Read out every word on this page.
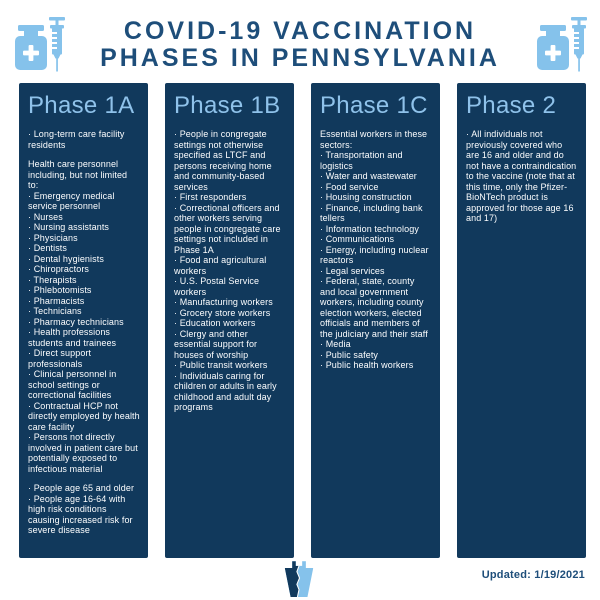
COVID-19 VACCINATION
PHASES IN PENNSYLVANIA
Phase 1A
· Long-term care facility residents
Health care personnel including, but not limited to:
· Emergency medical service personnel
· Nurses
· Nursing assistants
· Physicians
· Dentists
· Dental hygienists
· Chiropractors
· Therapists
· Phlebotomists
· Pharmacists
· Technicians
· Pharmacy technicians
· Health professions students and trainees
· Direct support professionals
· Clinical personnel in school settings or correctional facilities
· Contractual HCP not directly employed by health care facility
· Persons not directly involved in patient care but potentially exposed to infectious material
· People age 65 and older
· People age 16-64 with high risk conditions causing increased risk for severe disease
Phase 1B
· People in congregate settings not otherwise specified as LTCF and persons receiving home and community-based services
· First responders
· Correctional officers and other workers serving people in congregate care settings not included in Phase 1A
· Food and agricultural workers
· U.S. Postal Service workers
· Manufacturing workers
· Grocery store workers
· Education workers
· Clergy and other essential support for houses of worship
· Public transit workers
· Individuals caring for children or adults in early childhood and adult day programs
Phase 1C
Essential workers in these sectors:
· Transportation and logistics
· Water and wastewater
· Food service
· Housing construction
· Finance, including bank tellers
· Information technology
· Communications
· Energy, including nuclear reactors
· Legal services
· Federal, state, county and local government workers, including county election workers, elected officials and members of the judiciary and their staff
· Media
· Public safety
· Public health workers
Phase 2
· All individuals not previously covered who are 16 and older and do not have a contraindication to the vaccine (note that at this time, only the Pfizer-BioNTech product is approved for those age 16 and 17)
Updated: 1/19/2021
